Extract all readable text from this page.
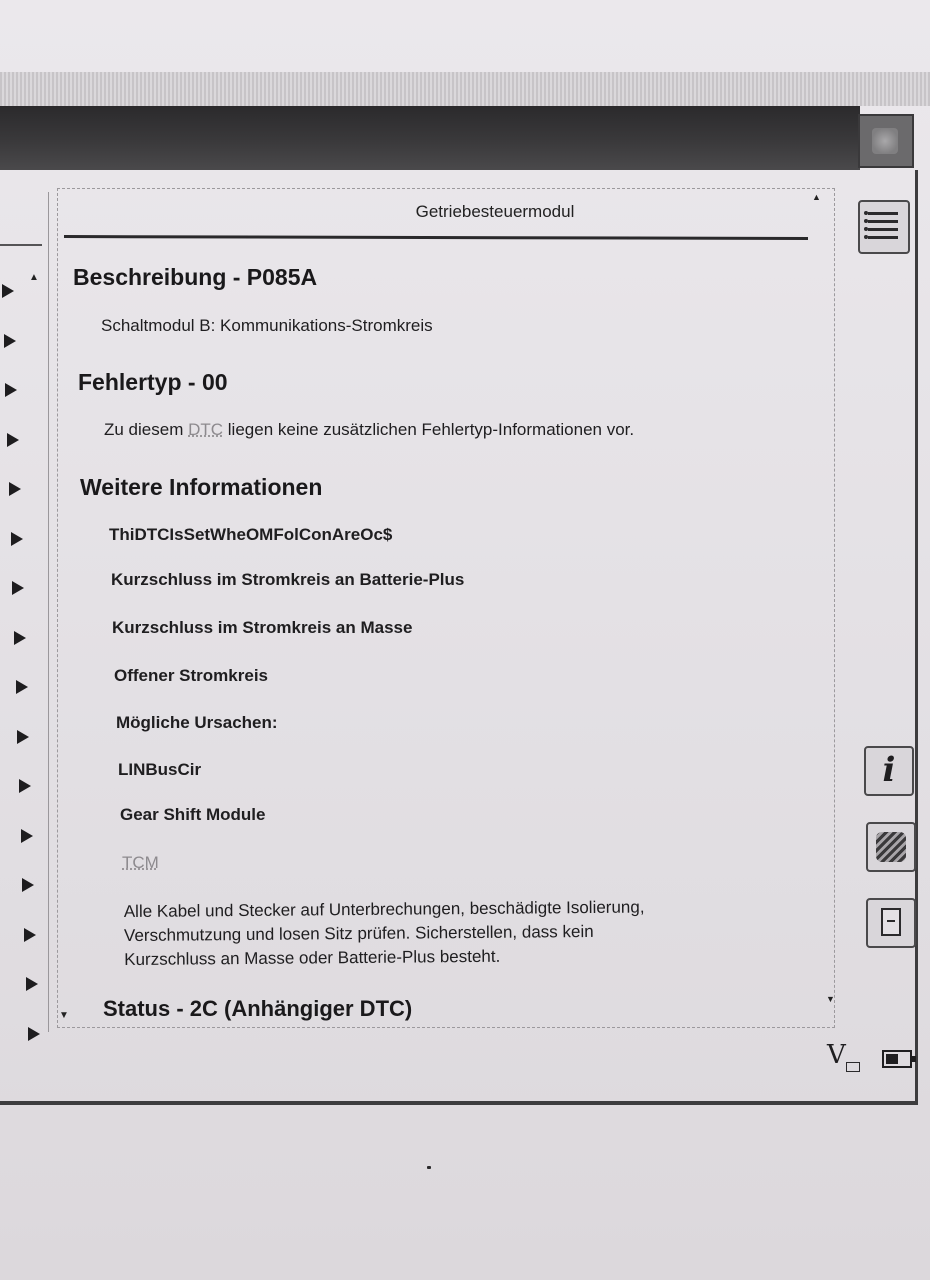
▲
▼
Getriebesteuermodul
▲
▼
Beschreibung - P085A
Schaltmodul B: Kommunikations-Stromkreis
Fehlertyp - 00
Zu diesem DTC liegen keine zusätzlichen Fehlertyp-Informationen vor.
Weitere Informationen
ThiDTCIsSetWheOMFolConAreOc$
Kurzschluss im Stromkreis an Batterie-Plus
Kurzschluss im Stromkreis an Masse
Offener Stromkreis
Mögliche Ursachen:
LINBusCir
Gear Shift Module
TCM
Alle Kabel und Stecker auf Unterbrechungen, beschädigte Isolierung,
Verschmutzung und losen Sitz prüfen. Sicherstellen, dass kein
Kurzschluss an Masse oder Batterie-Plus besteht.
Status - 2C (Anhängiger DTC)
i
V
